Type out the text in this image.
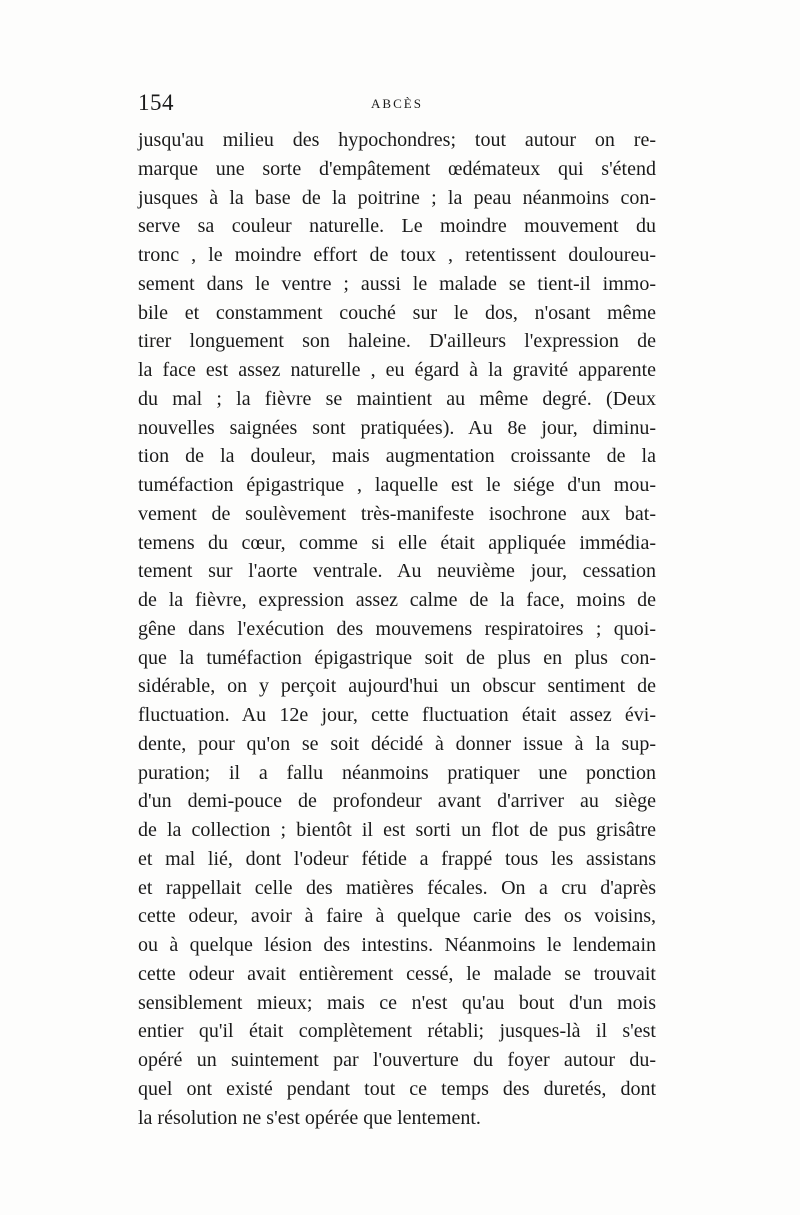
154	ABCÈS
jusqu'au milieu des hypochondres; tout autour on re-
marque une sorte d'empâtement œdémateux qui s'étend
jusques à la base de la poitrine ; la peau néanmoins con-
serve sa couleur naturelle. Le moindre mouvement du
tronc , le moindre effort de toux , retentissent douloureu-
sement dans le ventre ; aussi le malade se tient-il immo-
bile et constamment couché sur le dos, n'osant même
tirer longuement son haleine. D'ailleurs l'expression de
la face est assez naturelle , eu égard à la gravité apparente
du mal ; la fièvre se maintient au même degré. (Deux
nouvelles saignées sont pratiquées). Au 8e jour, diminu-
tion de la douleur, mais augmentation croissante de la
tuméfaction épigastrique , laquelle est le siége d'un mou-
vement de soulèvement très-manifeste isochrone aux bat-
temens du cœur, comme si elle était appliquée immédia-
tement sur l'aorte ventrale. Au neuvième jour, cessation
de la fièvre, expression assez calme de la face, moins de
gêne dans l'exécution des mouvemens respiratoires ; quoi-
que la tuméfaction épigastrique soit de plus en plus con-
sidérable, on y perçoit aujourd'hui un obscur sentiment de
fluctuation. Au 12e jour, cette fluctuation était assez évi-
dente, pour qu'on se soit décidé à donner issue à la sup-
puration; il a fallu néanmoins pratiquer une ponction
d'un demi-pouce de profondeur avant d'arriver au siège
de la collection ; bientôt il est sorti un flot de pus grisâtre
et mal lié, dont l'odeur fétide a frappé tous les assistans
et rappellait celle des matières fécales. On a cru d'après
cette odeur, avoir à faire à quelque carie des os voisins,
ou à quelque lésion des intestins. Néanmoins le lendemain
cette odeur avait entièrement cessé, le malade se trouvait
sensiblement mieux; mais ce n'est qu'au bout d'un mois
entier qu'il était complètement rétabli; jusques-là il s'est
opéré un suintement par l'ouverture du foyer autour du-
quel ont existé pendant tout ce temps des duretés, dont
la résolution ne s'est opérée que lentement.
